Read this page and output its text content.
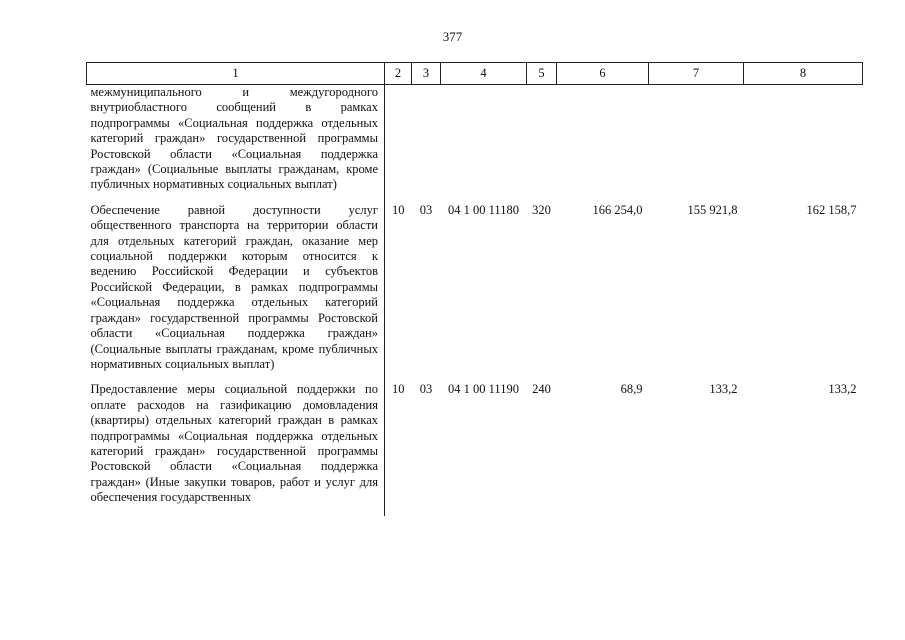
377
1	2	3	4	5	6	7	8
межмуниципального и междугородного внутриобластного сообщений в рамках подпрограммы «Социальная поддержка отдельных категорий граждан» государственной программы Ростовской области «Социальная поддержка граждан» (Социальные выплаты гражданам, кроме публичных нормативных социальных выплат)							
Обеспечение равной доступности услуг общественного транспорта на территории области для отдельных категорий граждан, оказание мер социальной поддержки которым относится к ведению Российской Федерации и субъектов Российской Федерации, в рамках подпрограммы «Социальная поддержка отдельных категорий граждан» государственной программы Ростовской области «Социальная поддержка граждан» (Социальные выплаты гражданам, кроме публичных нормативных социальных выплат)	10	03	04 1 00 11180	320	166 254,0	155 921,8	162 158,7
Предоставление меры социальной поддержки по оплате расходов на газификацию домовладения (квартиры) отдельных категорий граждан в рамках подпрограммы «Социальная поддержка отдельных категорий граждан» государственной программы Ростовской области «Социальная поддержка граждан» (Иные закупки товаров, работ и услуг для обеспечения государственных	10	03	04 1 00 11190	240	68,9	133,2	133,2
